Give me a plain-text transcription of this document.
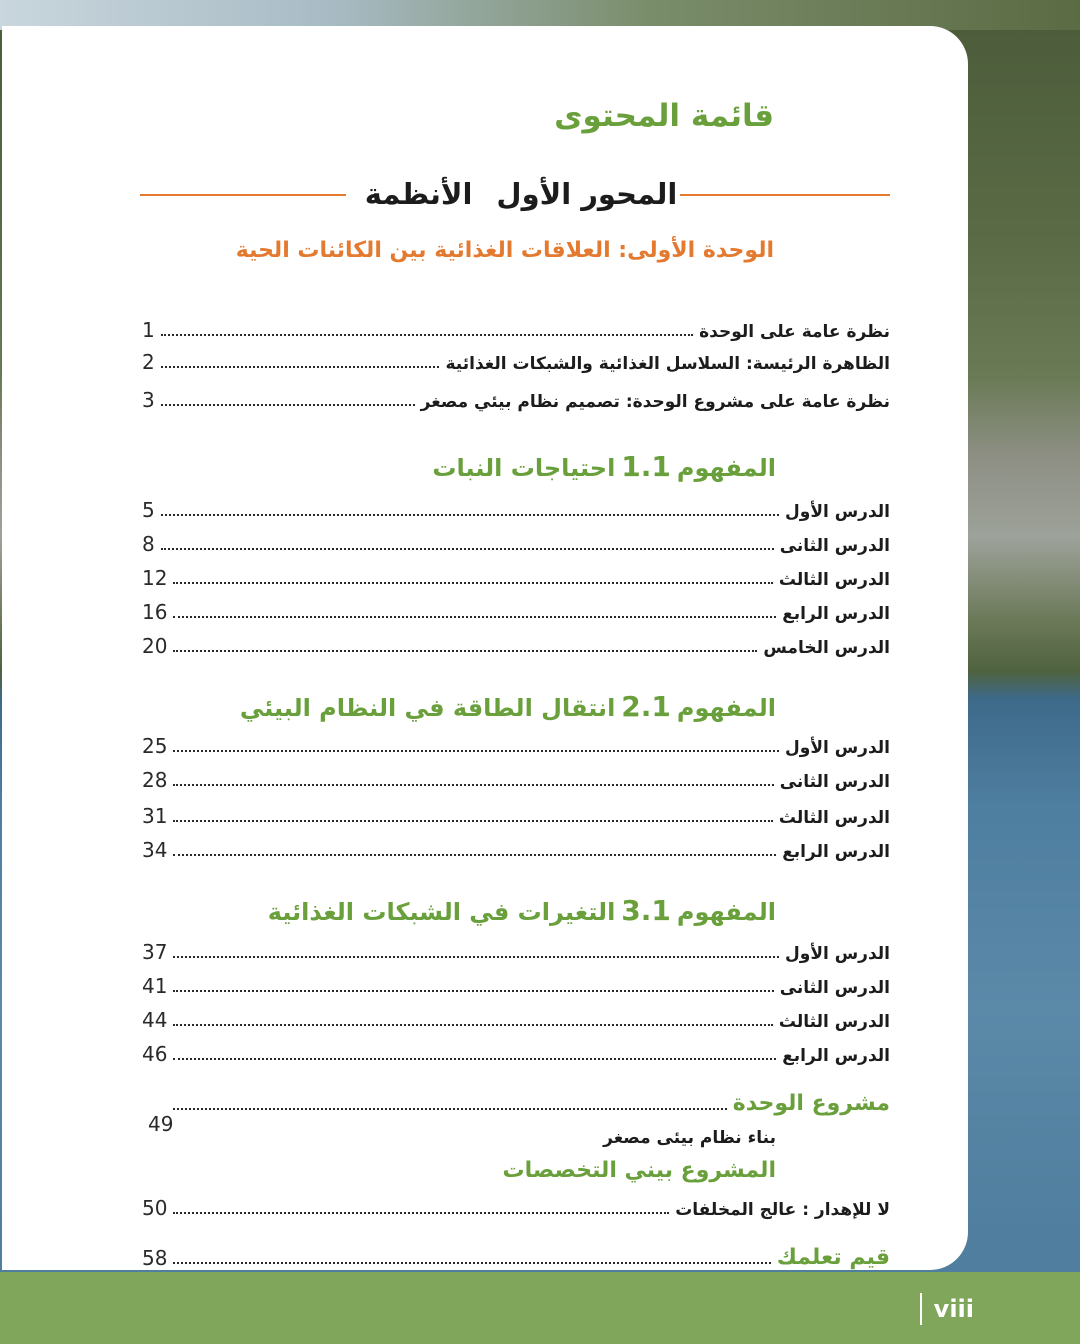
viii
قائمة المحتوى
المحور الأول
الأنظمة
الوحدة الأولى: العلاقات الغذائية بين الكائنات الحية
نظرة عامة على الوحدة
1
الظاهرة الرئيسة: السلاسل الغذائية والشبكات الغذائية
2
نظرة عامة على مشروع الوحدة: تصميم نظام بيئي مصغر
3
المفهوم1.1احتياجات النبات
الدرس الأول
5
الدرس الثانى
8
الدرس الثالث
12
الدرس الرابع
16
الدرس الخامس
20
المفهوم2.1انتقال الطاقة في النظام البيئي
الدرس الأول
25
الدرس الثانى
28
الدرس الثالث
31
الدرس الرابع
34
المفهوم3.1التغيرات في الشبكات الغذائية
الدرس الأول
37
الدرس الثانى
41
الدرس الثالث
44
الدرس الرابع
46
مشروع الوحدة
49
بناء نظام بيئى مصغر
المشروع بيني التخصصات
لا للإهدار : عالج المخلفات
50
قيم تعلمك
58
